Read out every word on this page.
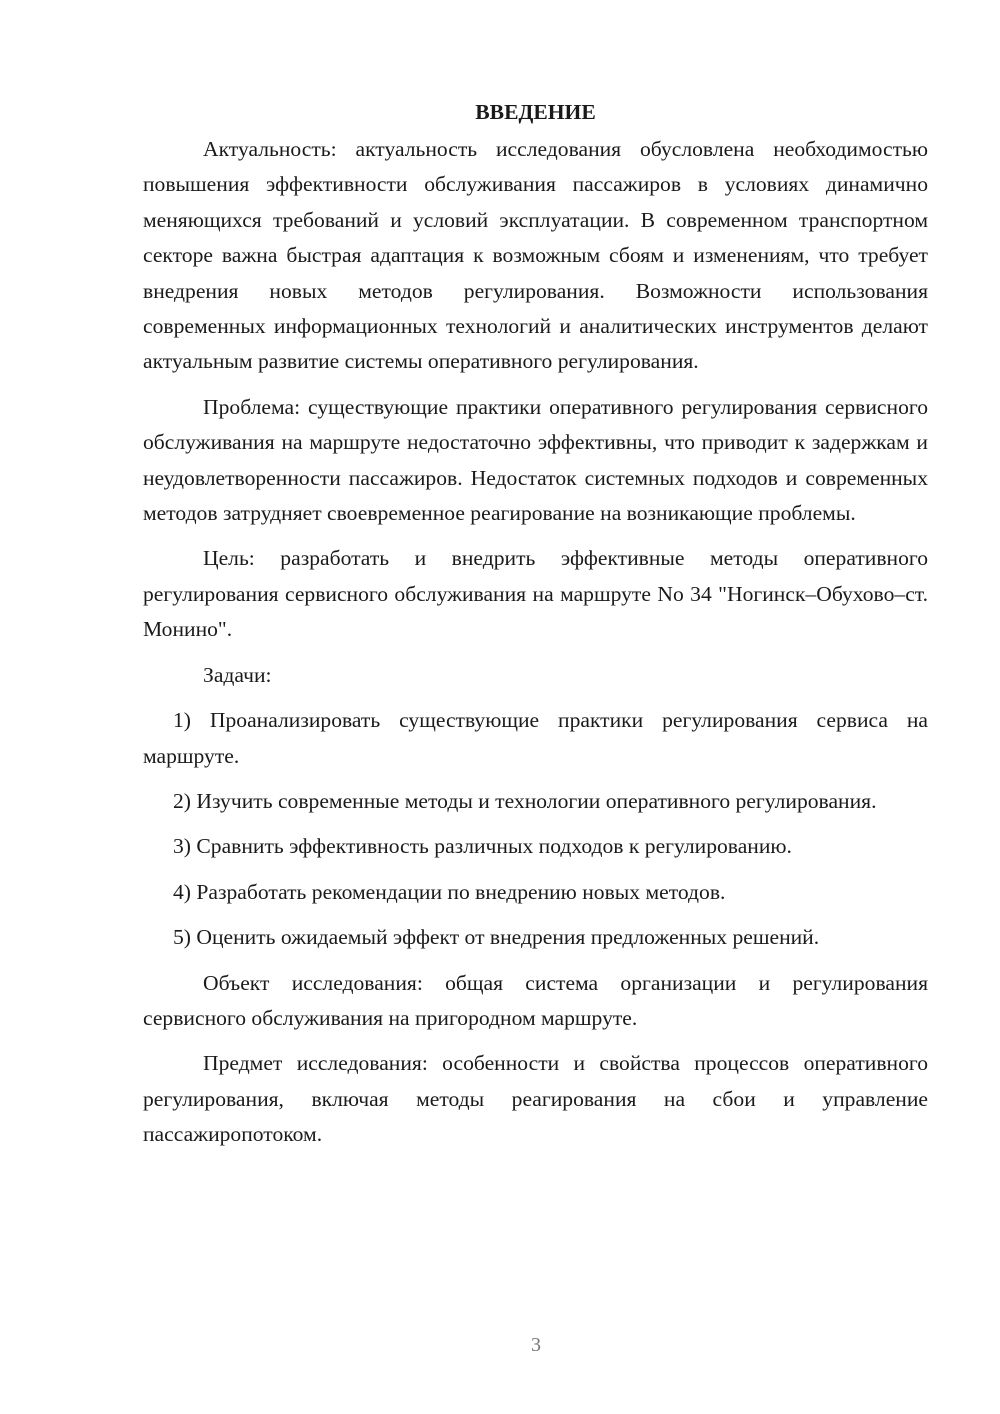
ВВЕДЕНИЕ

Актуальность: актуальность исследования обусловлена необходимостью повышения эффективности обслуживания пассажиров в условиях динамично меняющихся требований и условий эксплуатации. В современном транспортном секторе важна быстрая адаптация к возможным сбоям и изменениям, что требует внедрения новых методов регулирования. Возможности использования современных информационных технологий и аналитических инструментов делают актуальным развитие системы оперативного регулирования.

Проблема: существующие практики оперативного регулирования сервисного обслуживания на маршруте недостаточно эффективны, что приводит к задержкам и неудовлетворенности пассажиров. Недостаток системных подходов и современных методов затрудняет своевременное реагирование на возникающие проблемы.

Цель: разработать и внедрить эффективные методы оперативного регулирования сервисного обслуживания на маршруте No 34 "Ногинск–Обухово–ст. Монино".

Задачи:

1) Проанализировать существующие практики регулирования сервиса на маршруте.

2) Изучить современные методы и технологии оперативного регулирования.

3) Сравнить эффективность различных подходов к регулированию.

4) Разработать рекомендации по внедрению новых методов.

5) Оценить ожидаемый эффект от внедрения предложенных решений.

Объект исследования: общая система организации и регулирования сервисного обслуживания на пригородном маршруте.

Предмет исследования: особенности и свойства процессов оперативного регулирования, включая методы реагирования на сбои и управление пассажиропотоком.

3
